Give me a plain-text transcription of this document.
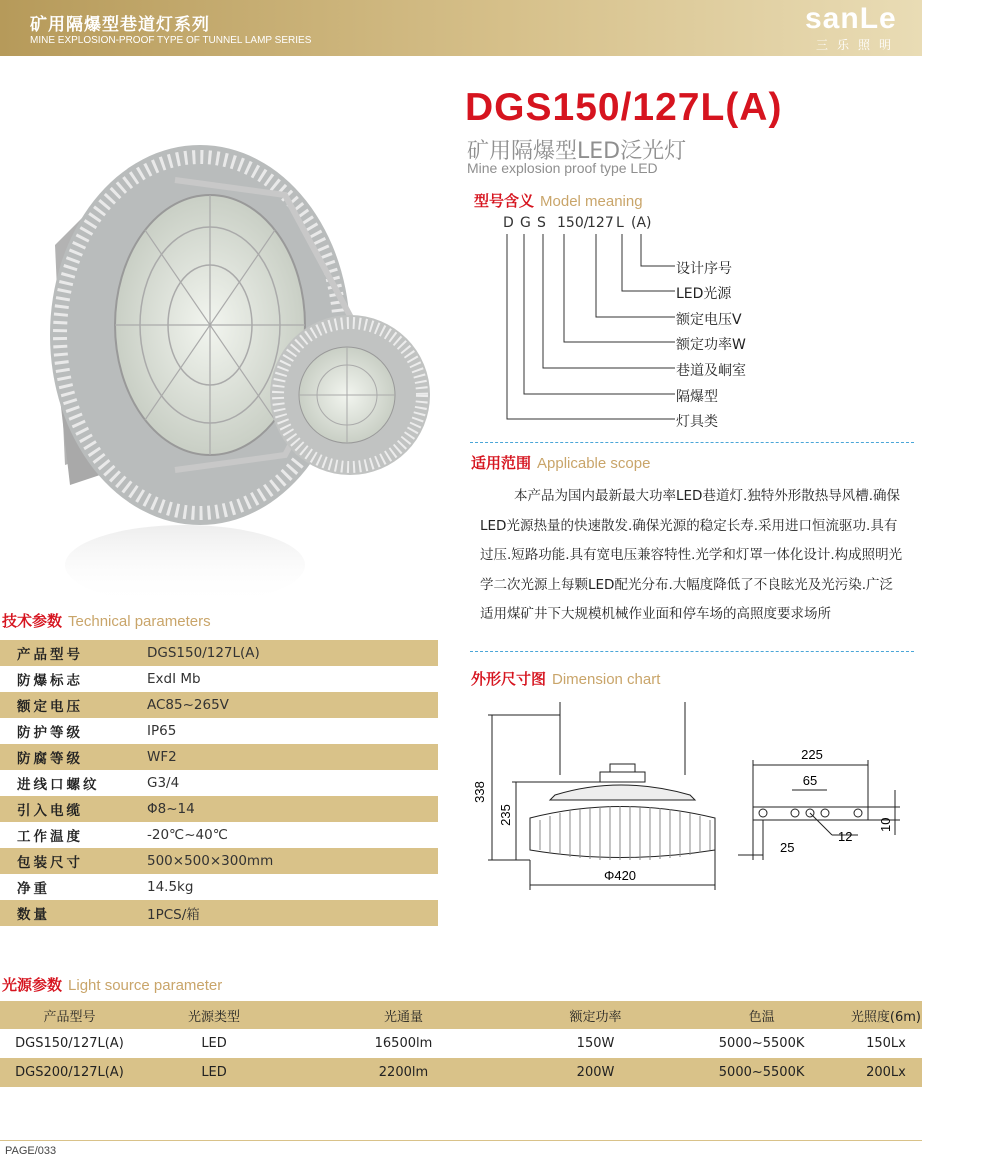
矿用隔爆型巷道灯系列
MINE EXPLOSION-PROOF TYPE OF TUNNEL LAMP SERIES
sanLe
三乐照明
DGS150/127L(A)
矿用隔爆型LED泛光灯
Mine explosion proof type LED
型号含义 Model meaning
D G S 150/
127 L (A)
设计序号
LED光源
额定电压V
额定功率W
巷道及峒室
隔爆型
灯具类
适用范围 Applicable scope
本产品为国内最新最大功率LED巷道灯.独特外形散热导风槽.确保
LED光源热量的快速散发.确保光源的稳定长寿.采用进口恒流驱功.具有
过压.短路功能.具有宽电压兼容特性.光学和灯罩一体化设计.构成照明光
学二次光源上每颗LED配光分布.大幅度降低了不良眩光及光污染.广泛
适用煤矿井下大规模机械作业面和停车场的高照度要求场所
外形尺寸图 Dimension chart
338
235
Φ420
225
65
12
10
25
技术参数 Technical parameters
产品型号	DGS150/127L(A)
防爆标志	ExdI Mb
额定电压	AC85~265V
防护等级	IP65
防腐等级	WF2
进线口螺纹	G3/4
引入电缆	Φ8~14
工作温度	-20℃~40℃
包装尺寸	500×500×300mm
净重	14.5kg
数量	1PCS/箱
光源参数 Light source parameter
产品型号	光源类型	光通量	额定功率	色温	光照度(6m)
DGS150/127L(A)	LED	16500lm	150W	5000~5500K	150Lx
DGS200/127L(A)	LED	2200lm	200W	5000~5500K	200Lx
PAGE/033
